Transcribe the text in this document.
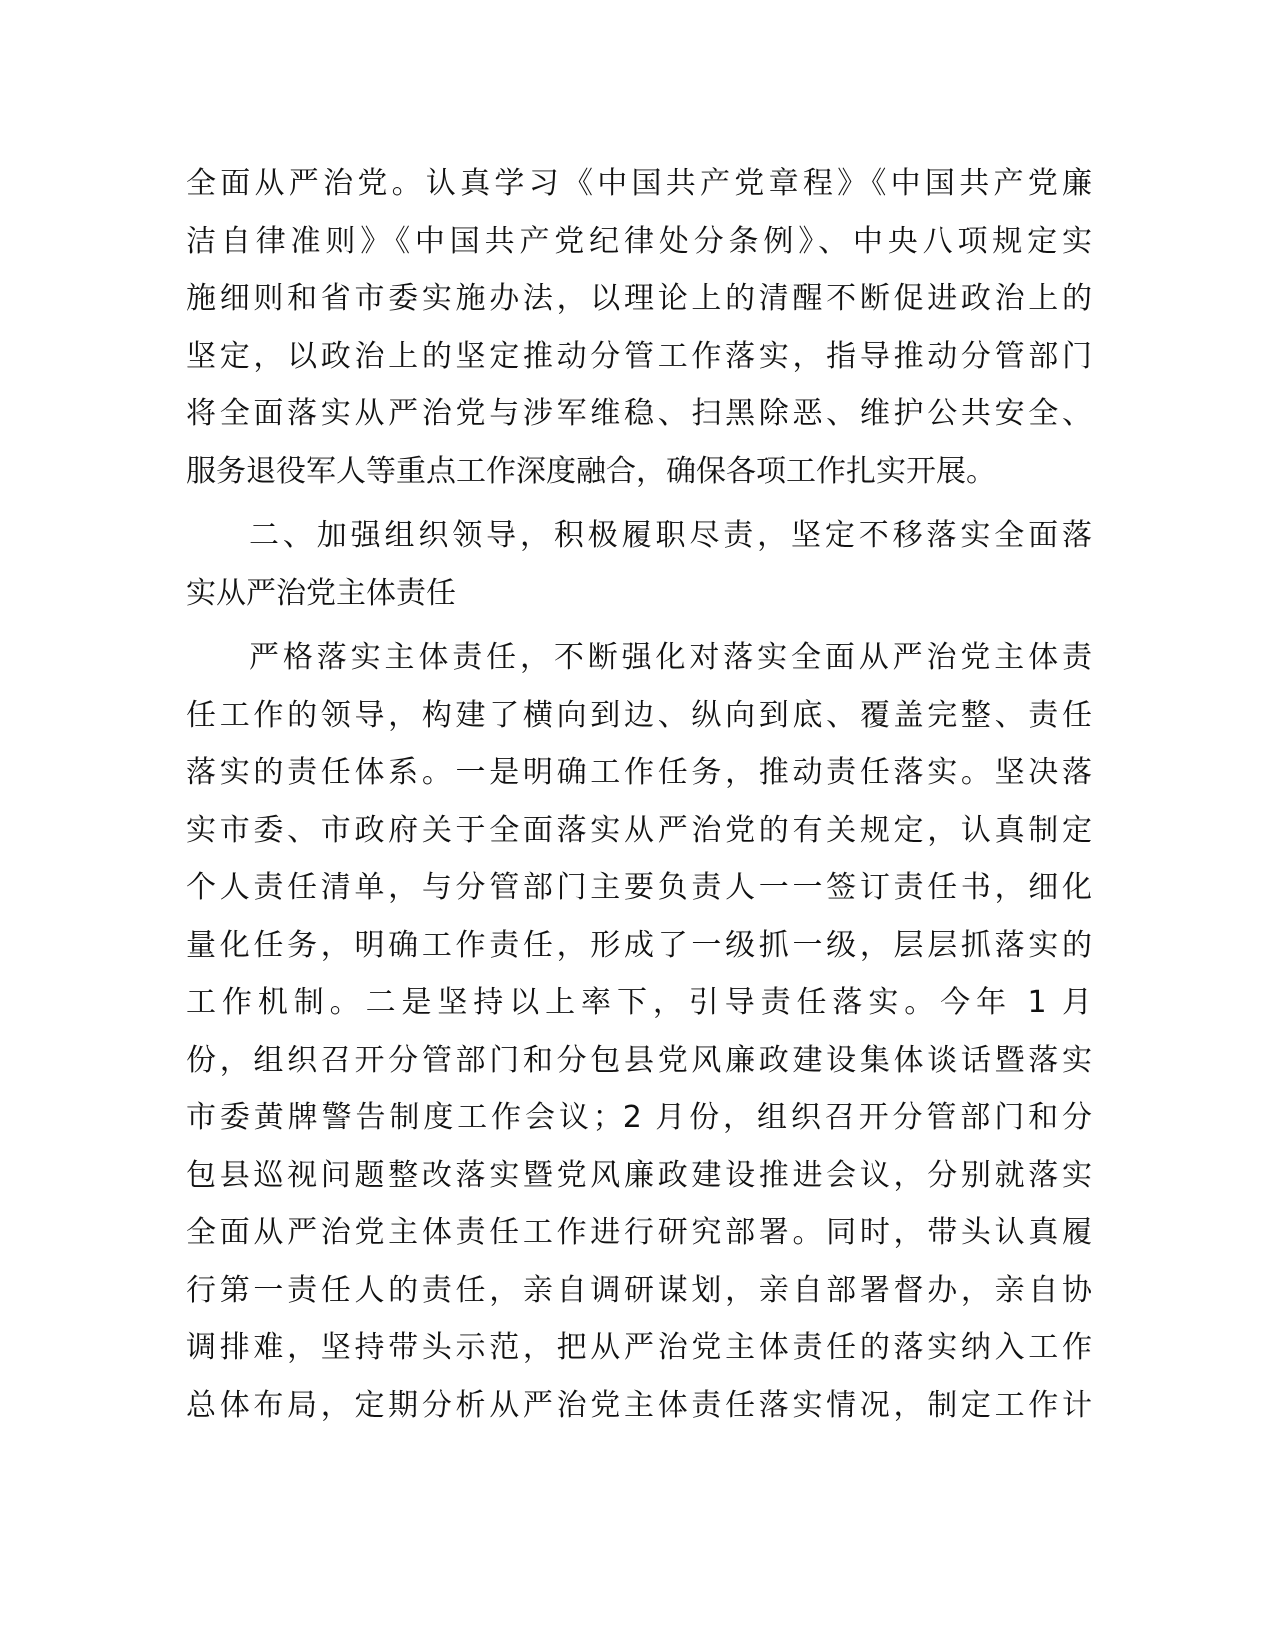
全面从严治党。认真学习《中国共产党章程》《中国共产党廉
洁自律准则》《中国共产党纪律处分条例》、中央八项规定实
施细则和省市委实施办法，以理论上的清醒不断促进政治上的
坚定，以政治上的坚定推动分管工作落实，指导推动分管部门
将全面落实从严治党与涉军维稳、扫黑除恶、维护公共安全、
服务退役军人等重点工作深度融合，确保各项工作扎实开展。
二、加强组织领导，积极履职尽责，坚定不移落实全面落
实从严治党主体责任
严格落实主体责任，不断强化对落实全面从严治党主体责
任工作的领导，构建了横向到边、纵向到底、覆盖完整、责任
落实的责任体系。一是明确工作任务，推动责任落实。坚决落
实市委、市政府关于全面落实从严治党的有关规定，认真制定
个人责任清单，与分管部门主要负责人一一签订责任书，细化
量化任务，明确工作责任，形成了一级抓一级，层层抓落实的
工作机制。二是坚持以上率下，引导责任落实。今年 1 月
份，组织召开分管部门和分包县党风廉政建设集体谈话暨落实
市委黄牌警告制度工作会议；2 月份，组织召开分管部门和分
包县巡视问题整改落实暨党风廉政建设推进会议，分别就落实
全面从严治党主体责任工作进行研究部署。同时，带头认真履
行第一责任人的责任，亲自调研谋划，亲自部署督办，亲自协
调排难，坚持带头示范，把从严治党主体责任的落实纳入工作
总体布局，定期分析从严治党主体责任落实情况，制定工作计
